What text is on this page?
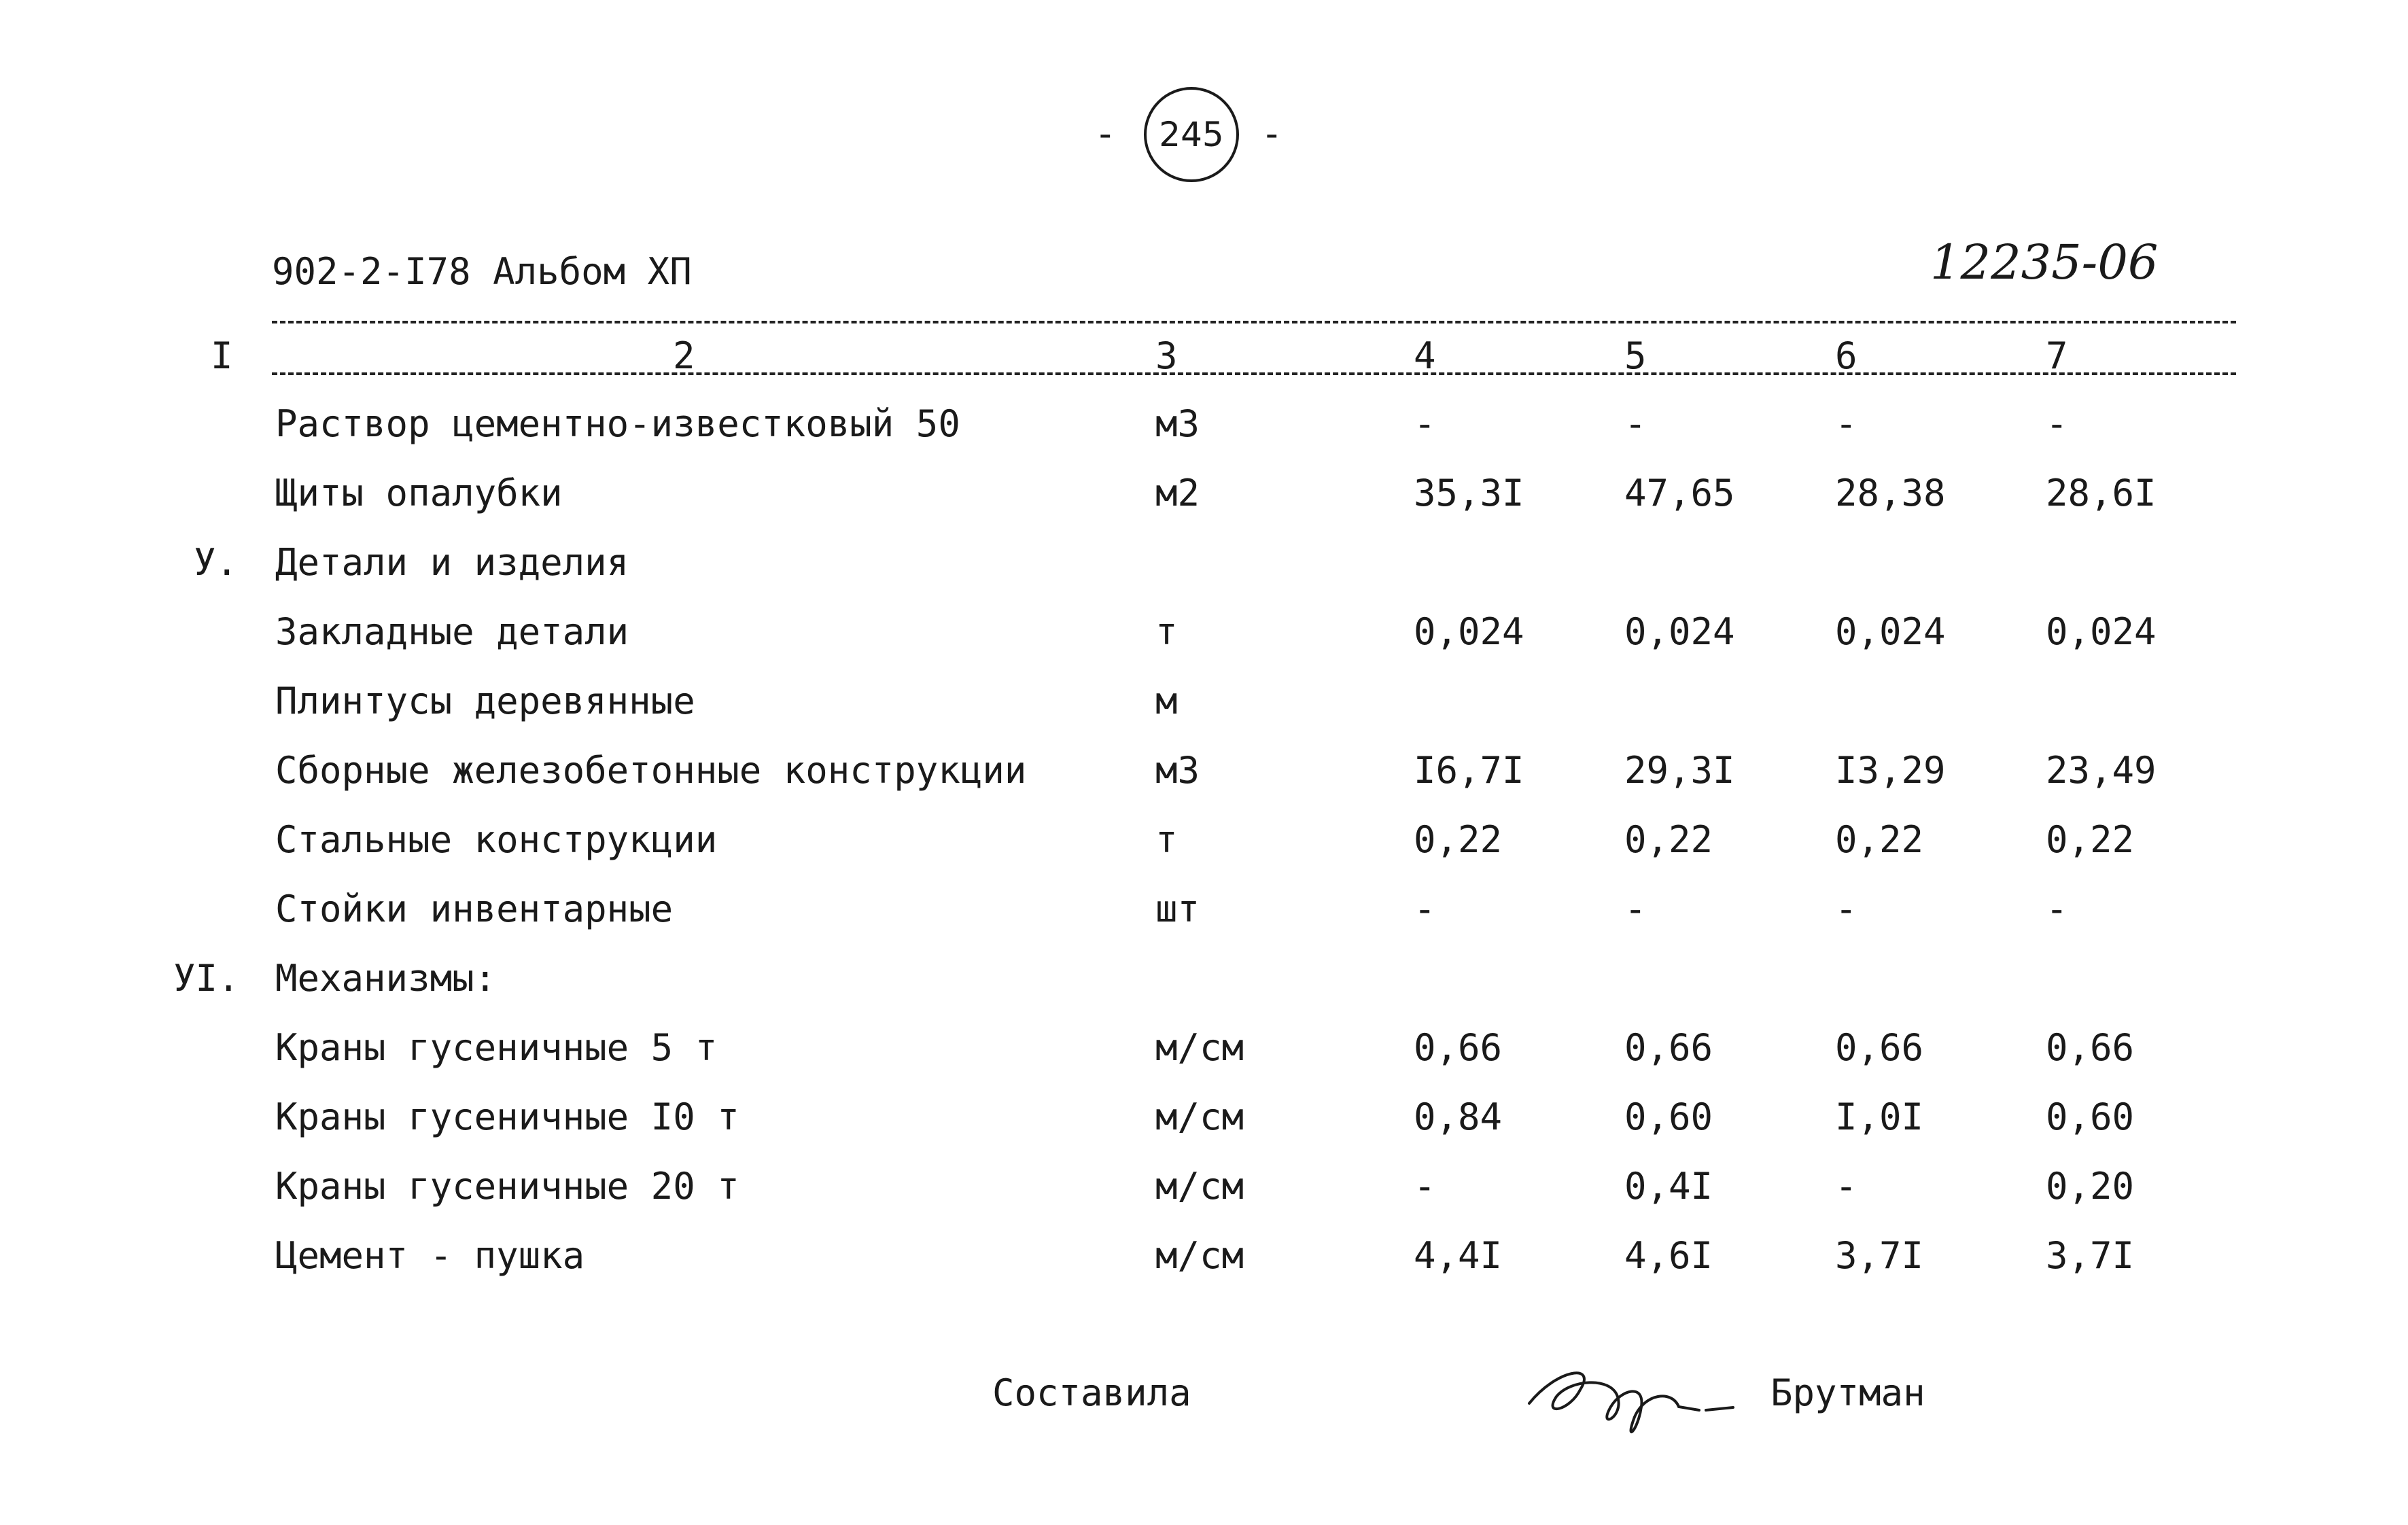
- 245 -
902-2-I78 Альбом XП	12235-06
I	2	3	4	5	6	7
Раствор цементно-известковый 50	м3	-	-	-	-
Щиты опалубки	м2	35,3I	47,65	28,38	28,6I
У. Детали и изделия
Закладные детали	т	0,024	0,024	0,024	0,024
Плинтусы деревянные	м
Сборные железобетонные конструкции	м3	I6,7I	29,3I	I3,29	23,49
Стальные конструкции	т	0,22	0,22	0,22	0,22
Стойки инвентарные	шт	-	-	-	-
УI. Механизмы:
Краны гусеничные 5 т	м/см	0,66	0,66	0,66	0,66
Краны гусеничные I0 т	м/см	0,84	0,60	I,0I	0,60
Краны гусеничные 20 т	м/см	-	0,4I	-	0,20
Цемент - пушка	м/см	4,4I	4,6I	3,7I	3,7I
Составила	Брутман
